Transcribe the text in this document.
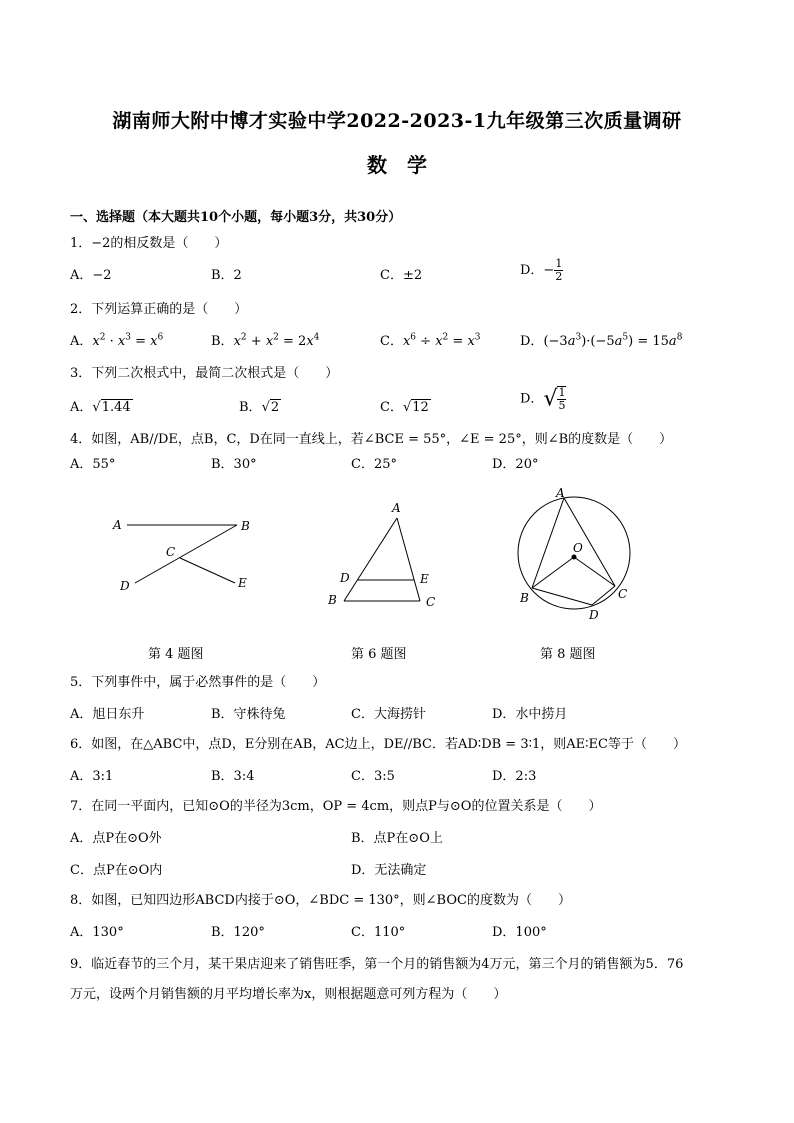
湖南师大附中博才实验中学2022-2023-1九年级第三次质量调研
数　学
一、选择题（本大题共10个小题，每小题3分，共30分）
1．−2的相反数是（　　）
A．−2	B．2	C．±2	D．− $\frac{1}{2}$
2．下列运算正确的是（　　）
A．$x^2 \cdot x^3 = x^6$	B．$x^2 + x^2 = 2x^4$	C．$x^6 \div x^2 = x^3$	D．$(-3a^3)\cdot(-5a^5) = 15a^8$
3．下列二次根式中，最简二次根式是（　　）
A．√1.44	B．√2	C．√12
D．√ $\frac{1}{5}$
4．如图，AB//DE，点B，C，D在同一直线上，若∠BCE = 55°，∠E = 25°，则∠B的度数是（　　）
A．55°	B．30°	C．25°	D．20°
A	B
C
D	E
A
B	C
D	E
A
B	C
D
O
第 4 题图	第 6 题图	第 8 题图
5．下列事件中，属于必然事件的是（　　）
A．旭日东升	B．守株待兔	C．大海捞针	D．水中捞月
6．如图，在△ABC中，点D，E分别在AB，AC边上，DE//BC．若AD∶DB = 3∶1，则AE∶EC等于（　　）
A．3:1	B．3:4	C．3:5	D．2:3
7．在同一平面内，已知⊙O的半径为3cm，OP = 4cm，则点P与⊙O的位置关系是（　　）
A．点P在⊙O外	B．点P在⊙O上
C．点P在⊙O内	D．无法确定
8．如图，已知四边形ABCD内接于⊙O，∠BDC = 130°，则∠BOC的度数为（　　）
A．130°	B．120°	C．110°	D．100°
9．临近春节的三个月，某干果店迎来了销售旺季，第一个月的销售额为4万元，第三个月的销售额为5．76
万元，设两个月销售额的月平均增长率为x，则根据题意可列方程为（　　）
